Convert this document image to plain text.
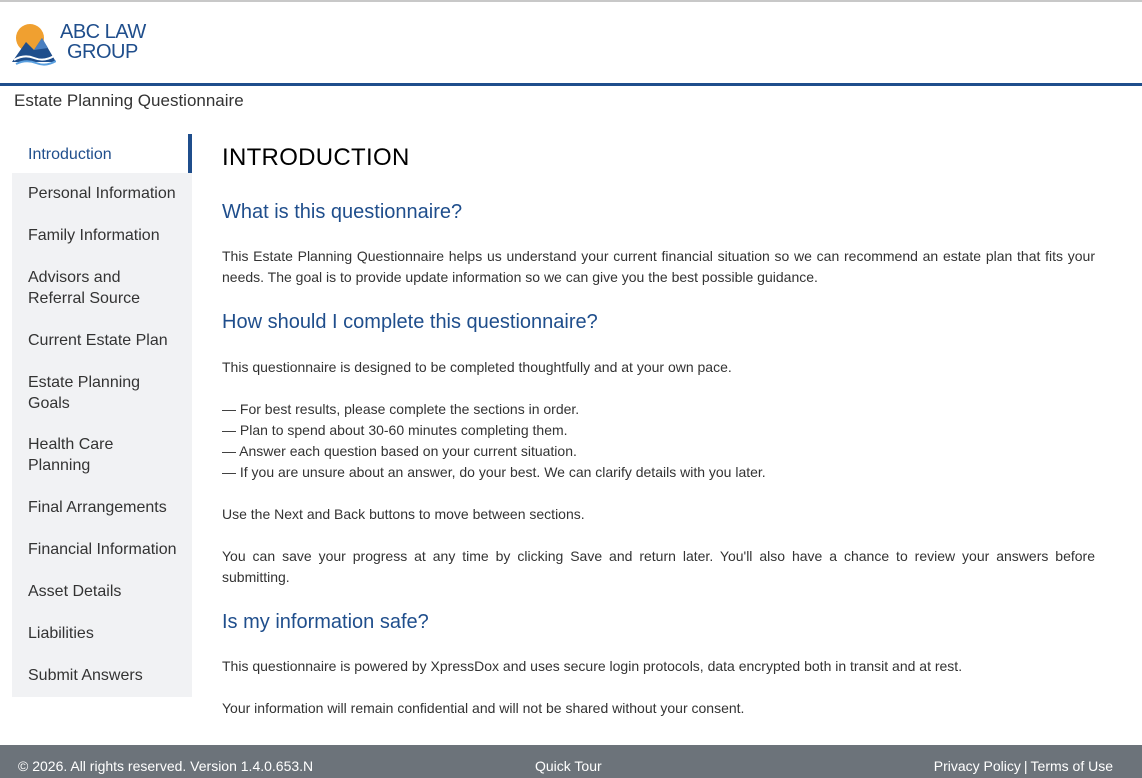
ABC LAW
GROUP
Estate Planning Questionnaire
Introduction
Personal Information
Family Information
Advisors and Referral Source
Current Estate Plan
Estate Planning Goals
Health Care Planning
Final Arrangements
Financial Information
Asset Details
Liabilities
Submit Answers
INTRODUCTION
What is this questionnaire?
This Estate Planning Questionnaire helps us understand your current financial situation so we can recommend an estate plan that fits your needs. The goal is to provide update information so we can give you the best possible guidance.
How should I complete this questionnaire?
This questionnaire is designed to be completed thoughtfully and at your own pace.
— For best results, please complete the sections in order.
— Plan to spend about 30-60 minutes completing them.
— Answer each question based on your current situation.
— If you are unsure about an answer, do your best. We can clarify details with you later.
Use the Next and Back buttons to move between sections.
You can save your progress at any time by clicking Save and return later. You'll also have a chance to review your answers before submitting.
Is my information safe?
This questionnaire is powered by XpressDox and uses secure login protocols, data encrypted both in transit and at rest.
Your information will remain confidential and will not be shared without your consent.
© 2026. All rights reserved. Version 1.4.0.653.N	Quick Tour	Privacy Policy | Terms of Use
